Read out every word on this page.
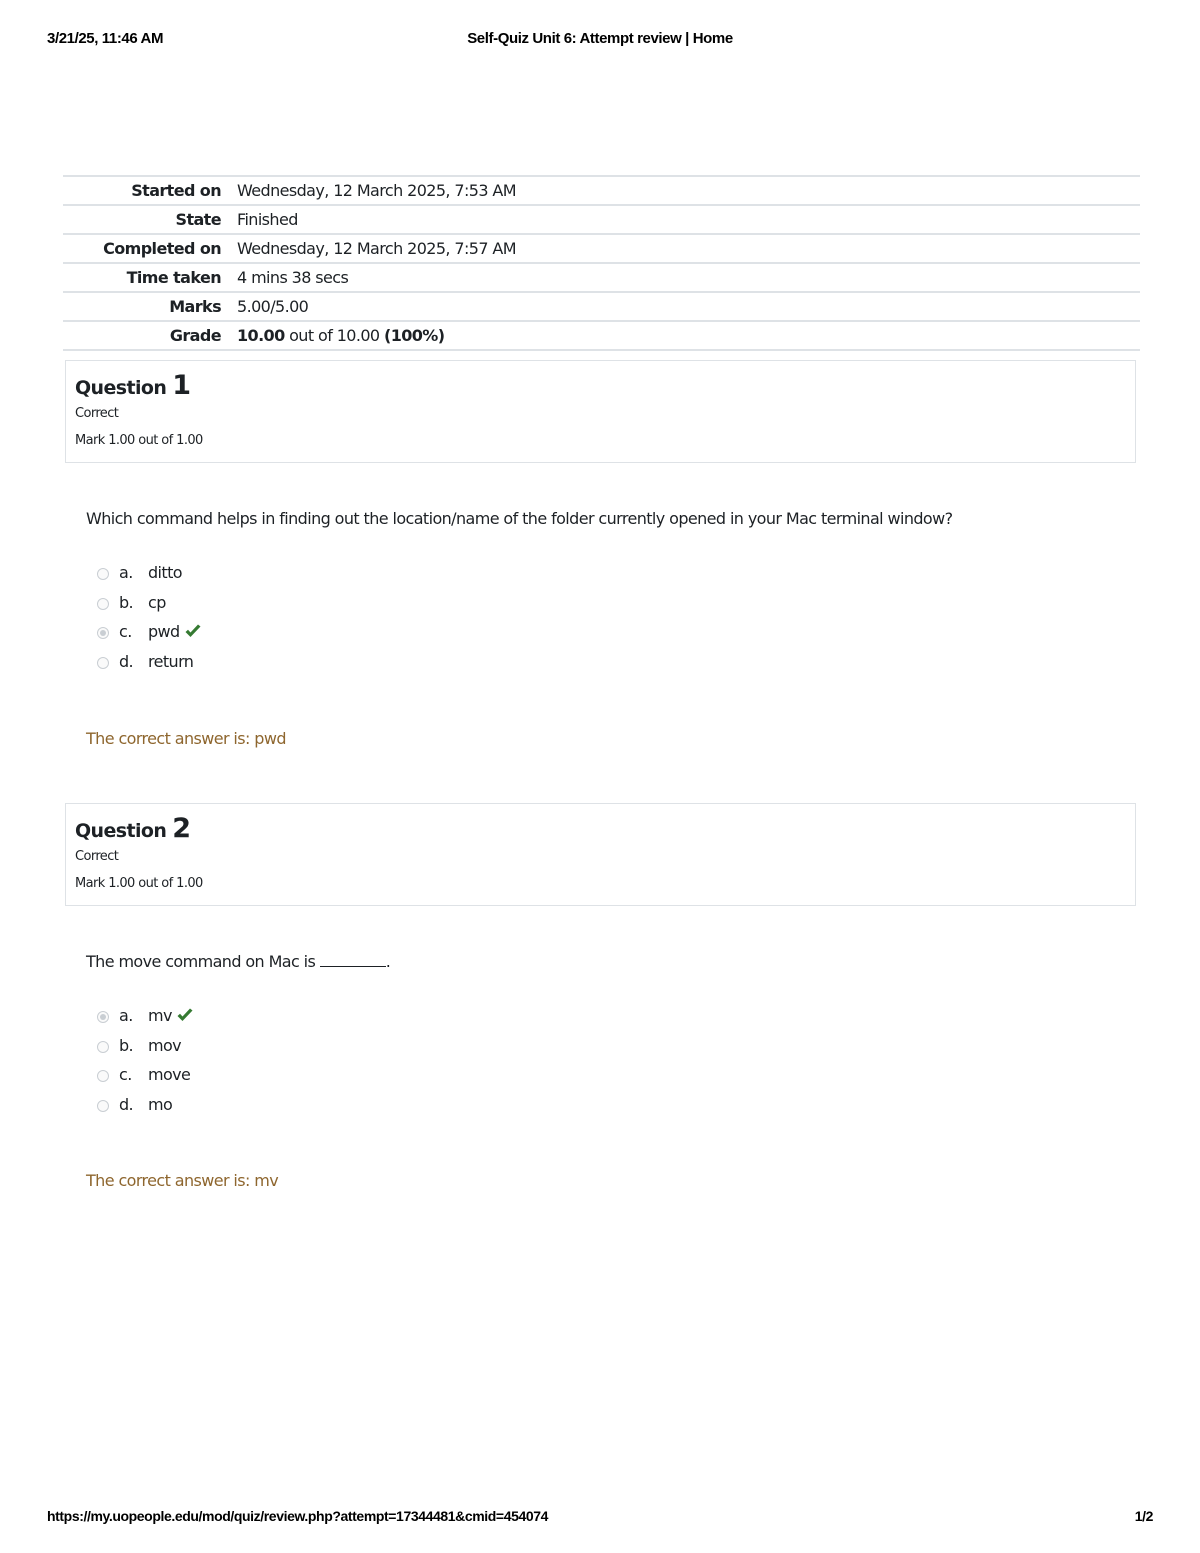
3/21/25, 11:46 AM	Self-Quiz Unit 6: Attempt review | Home
Started on	Wednesday, 12 March 2025, 7:53 AM
State	Finished
Completed on	Wednesday, 12 March 2025, 7:57 AM
Time taken	4 mins 38 secs
Marks	5.00/5.00
Grade	10.00 out of 10.00 (100%)
Question 1
Correct
Mark 1.00 out of 1.00
Which command helps in finding out the location/name of the folder currently opened in your Mac terminal window?
a. ditto
b. cp
c. pwd
d. return
The correct answer is: pwd
Question 2
Correct
Mark 1.00 out of 1.00
The move command on Mac is	.
a. mv
b. mov
c. move
d. mo
The correct answer is: mv
https://my.uopeople.edu/mod/quiz/review.php?attempt=17344481&cmid=454074	1/2
